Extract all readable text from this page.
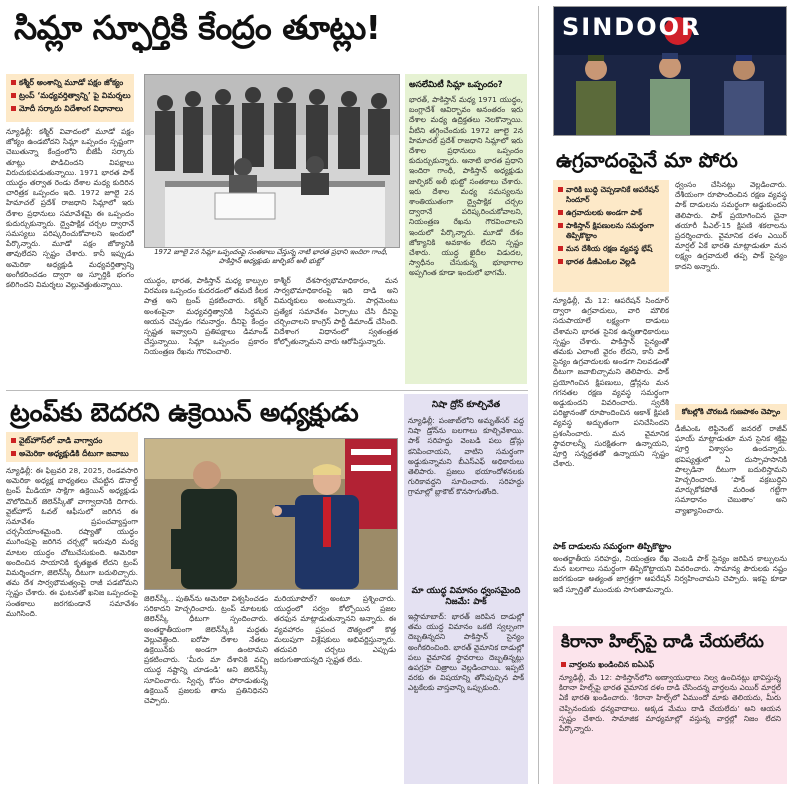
సిమ్లా స్ఫూర్తికి కేంద్రం తూట్లు!
కశ్మీర్ అంశాన్ని మూడో పక్షం జోక్యం
ట్రంప్ ‘మధ్యవర్తిత్వాన్ని’ పై విమర్శలు
మోదీ సర్కారు విదేశాంగ విధానాలు
న్యూఢిల్లీ: కశ్మీర్ వివాదంలో మూడో పక్షం జోక్యం ఉండబోదని సిమ్లా ఒప్పందం స్పష్టంగా చెబుతున్నా కేంద్రంలోని బీజేపీ సర్కారు తూట్లు పొడిచిందని విపక్షాలు విరుచుకుపడుతున్నాయి. 1971 భారత పాక్ యుద్ధం తర్వాత రెండు దేశాల మధ్య కుదిరిన చారిత్రక ఒప్పందం ఇది. 1972 జూలై 2న హిమాచల్ ప్రదేశ్ రాజధాని సిమ్లాలో ఇరు దేశాల ప్రధానులు సమావేశమై ఈ ఒప్పందం కుదుర్చుకున్నారు. ద్వైపాక్షిక చర్చల ద్వారానే సమస్యలు పరిష్కరించుకోవాలని ఇందులో పేర్కొన్నారు. మూడో పక్షం జోక్యానికి తావులేదని స్పష్టం చేశారు. కానీ ఇప్పుడు అమెరికా అధ్యక్షుడి మధ్యవర్తిత్వాన్ని అంగీకరించడం ద్వారా ఆ స్ఫూర్తికి భంగం కలిగిందని విమర్శలు వెల్లువెత్తుతున్నాయి.
1972 జూలై 2న సిమ్లా ఒప్పందంపై సంతకాలు చేస్తున్న నాటి భారత ప్రధాని ఇందిరా గాంధీ, పాకిస్తాన్ అధ్యక్షుడు జుల్ఫికర్ అలీ భుట్టో
యుద్ధం, భారత, పాకిస్తాన్ మధ్య కాల్పుల విరమణ ఒప్పందం కుదరడంలో తమదే కీలక పాత్ర అని ట్రంప్ ప్రకటించారు. కశ్మీర్ అంశంపైనా మధ్యవర్తిత్వానికి సిద్ధమని ఆయన చెప్పడం గమనార్హం. దీనిపై కేంద్రం స్పష్టత ఇవ్వాలని ప్రతిపక్షాలు డిమాండ్ చేస్తున్నాయి. సిమ్లా ఒప్పందం ప్రకారం నియంత్రణ రేఖను గౌరవించాలి.
కాశ్మీర్ దేశసార్వభౌమాధికారం, మన సార్వభౌమాధికారంపై ఇది దాడి అని విమర్శకులు అంటున్నారు. పార్లమెంటు ప్రత్యేక సమావేశం ఏర్పాటు చేసి దీనిపై చర్చించాలని కాంగ్రెస్ పార్టీ డిమాండ్ చేసింది. విదేశాంగ విధానంలో స్వతంత్రత కోల్పోతున్నామని వారు ఆరోపిస్తున్నారు.
అసలేమిటీ సిమ్లా ఒప్పందం?
భారత్, పాకిస్తాన్ మధ్య 1971 యుద్ధం, బంగ్లాదేశ్ ఆవిర్భావం అనంతరం ఇరు దేశాల మధ్య ఉద్రిక్తతలు నెలకొన్నాయి. వీటిని తగ్గించేందుకు 1972 జూలై 2న హిమాచల్ ప్రదేశ్ రాజధాని సిమ్లాలో ఇరు దేశాల ప్రధానులు ఒప్పందం కుదుర్చుకున్నారు. ఆనాటి భారత ప్రధాని ఇందిరా గాంధీ, పాకిస్తాన్ అధ్యక్షుడు జుల్ఫికర్ అలీ భుట్టో సంతకాలు చేశారు. ఇరు దేశాల మధ్య సమస్యలను శాంతియుతంగా ద్వైపాక్షిక చర్చల ద్వారానే పరిష్కరించుకోవాలని, నియంత్రణ రేఖను గౌరవించాలని ఇందులో పేర్కొన్నారు. మూడో దేశం జోక్యానికి అవకాశం లేదని స్పష్టం చేశారు. యుద్ధ ఖైదీల విడుదల, స్వాధీనం చేసుకున్న భూభాగాల అప్పగింత కూడా ఇందులో భాగమే.
ట్రంప్‌కు బెదరని ఉక్రెయిన్ అధ్యక్షుడు
వైట్‌హౌస్‌లో వాడి వాగ్వాదం
అమెరికా అధ్యక్షుడికి దీటుగా జవాబు
న్యూఢిల్లీ: ఈ ఫిబ్రవరి 28, 2025, రెండవసారి అమెరికా అధ్యక్ష బాధ్యతలు చేపట్టిన డొనాల్డ్ ట్రంప్ మీడియా సాక్షిగా ఉక్రెయిన్ అధ్యక్షుడు వొలోదిమిర్ జెలెన్‌స్కీతో వాగ్వాదానికి దిగారు. వైట్‌హౌస్ ఓవల్ ఆఫీసులో జరిగిన ఈ సమావేశం ప్రపంచవ్యాప్తంగా చర్చనీయాంశమైంది. రష్యాతో యుద్ధం ముగింపుపై జరిగిన చర్చల్లో ఇరువురి మధ్య మాటల యుద్ధం చోటుచేసుకుంది. అమెరికా అందించిన సాయానికి కృతజ్ఞత లేదని ట్రంప్ విమర్శించగా, జెలెన్‌స్కీ దీటుగా బదులిచ్చారు. తమ దేశ సార్వభౌమత్వంపై రాజీ పడబోమని స్పష్టం చేశారు. ఈ ఘటనతో ఖనిజ ఒప్పందంపై సంతకాలు జరగకుండానే సమావేశం ముగిసింది.
జెలెన్‌స్కీ.. పుతిన్‌ను అమెరికా విశ్వసించడం సరికాదని హెచ్చరించారు. ట్రంప్ మాటలకు జెలెన్‌స్కీ ధీటుగా స్పందించారు. అంతర్జాతీయంగా జెలెన్‌స్కీకి మద్దతు వెల్లువెత్తింది. ఐరోపా దేశాల నేతలు ఉక్రెయిన్‌కు అండగా ఉంటామని ప్రకటించారు. ‘మీరు మా దేశానికి వచ్చి యుద్ధ నష్టాన్ని చూడండి’ అని జెలెన్‌స్కీ సూచించారు. స్వేచ్ఛ కోసం పోరాడుతున్న ఉక్రెయిన్ ప్రజలకు తాను ప్రతినిధినని చెప్పారు.
మరియూపొల్? అంటూ ప్రశ్నించారు. యుద్ధంలో సర్వం కోల్పోయిన ప్రజల తరఫున మాట్లాడుతున్నానని అన్నారు. ఈ వ్యవహారం ప్రపంచ దౌత్యంలో కొత్త మలుపుగా విశ్లేషకులు అభివర్ణిస్తున్నారు. తదుపరి చర్చలు ఎప్పుడు జరుగుతాయన్నది స్పష్టత లేదు.
నిషా ద్రోన్ కూల్చివేత
న్యూఢిల్లీ: పంజాబ్‌లోని అమృత్‌సర్ వద్ద నిషా డ్రోన్‌ను బలగాలు కూల్చివేశాయి. పాక్ సరిహద్దు వెంబడి పలు డ్రోన్లు కనిపించాయని, వాటిని సమర్థంగా అడ్డుకున్నామని బీఎస్‌ఎఫ్ అధికారులు తెలిపారు. ప్రజలు భయాందోళనలకు గురికావద్దని సూచించారు. సరిహద్దు గ్రామాల్లో బ్లాకౌట్ కొనసాగుతోంది.
మా యుద్ధ విమానం ధ్వంసమైంది నిజమే: పాక్
ఇస్లామాబాద్: భారత్ జరిపిన దాడుల్లో తమ యుద్ధ విమానం ఒకటి స్వల్పంగా దెబ్బతిన్నదని పాకిస్తాన్ సైన్యం అంగీకరించింది. భారత్ వైమానిక దాడుల్లో పలు వైమానిక స్థావరాలు దెబ్బతిన్నట్లు ఉపగ్రహ చిత్రాలు వెల్లడించాయి. ఇప్పటి వరకు ఈ విషయాన్ని తోసిపుచ్చిన పాక్ ఎట్టకేలకు వాస్తవాన్ని ఒప్పుకుంది.
SINDOOR
ఉగ్రవాదంపైనే మా పోరు
వారికి బుద్ధి చెప్పడానికే ఆపరేషన్ సిందూర్
ఉగ్రవాదులకు అండగా పాక్
పాకిస్తాన్ క్షిపణులను సమర్థంగా తిప్పికొట్టాం
మన దేశీయ రక్షణ వ్యవస్థ భేష్
భారత డీజీఎంఓల వెల్లడి
న్యూఢిల్లీ, మే 12: ఆపరేషన్ సిందూర్ ద్వారా ఉగ్రవాదులు, వారి మౌలిక సదుపాయాలే లక్ష్యంగా దాడులు చేశామని భారత సైనిక ఉన్నతాధికారులు స్పష్టం చేశారు. పాకిస్తాన్ సైన్యంతో తమకు ఎలాంటి వైరం లేదని, కానీ పాక్ సైన్యం ఉగ్రవాదులకు అండగా నిలవడంతో దీటుగా జవాబిచ్చామని తెలిపారు. పాక్ ప్రయోగించిన క్షిపణులు, డ్రోన్లను మన గగనతల రక్షణ వ్యవస్థ సమర్థంగా అడ్డుకుందని వివరించారు. స్వదేశీ పరిజ్ఞానంతో రూపొందించిన ఆకాశ్ క్షిపణి వ్యవస్థ అద్భుతంగా పనిచేసిందని ప్రశంసించారు. మన వైమానిక స్థావరాలన్నీ సురక్షితంగా ఉన్నాయని, పూర్తి సన్నద్ధతతో ఉన్నాయని స్పష్టం చేశారు.
ధ్వంసం చేసినట్లు వెల్లడించారు. దేశీయంగా రూపొందించిన రక్షణ వ్యవస్థ పాక్ దాడులను సమర్థంగా అడ్డుకుందని తెలిపారు. పాక్ ప్రయోగించిన చైనా తయారీ పీఎల్-15 క్షిపణి శకలాలను ప్రదర్శించారు. వైమానిక దళం ఎయిర్ మార్షల్ ఏకే భారతి మాట్లాడుతూ మన లక్ష్యం ఉగ్రవాదులే తప్ప పాక్ సైన్యం కాదని అన్నారు.
కోటల్లోకి చొరబడి గుణపాఠం చెప్పాం
డీజీఎంఓ లెఫ్టినెంట్ జనరల్ రాజీవ్ ఘాయ్ మాట్లాడుతూ మన సైనిక శక్తిపై పూర్తి విశ్వాసం ఉందన్నారు. భవిష్యత్తులో ఏ దుస్సాహసానికి పాల్పడినా దీటుగా బదులిస్తామని హెచ్చరించారు. ‘పాక్ వక్రబుద్ధిని మార్చుకోకపోతే మరింత గట్టిగా సమాధానం చెబుతాం’ అని వ్యాఖ్యానించారు.
పాక్ దాడులను సమర్థంగా తిప్పికొట్టాం
అంతర్జాతీయ సరిహద్దు, నియంత్రణ రేఖ వెంబడి పాక్ సైన్యం జరిపిన కాల్పులను మన బలగాలు సమర్థంగా తిప్పికొట్టాయని వివరించారు. సామాన్య పౌరులకు నష్టం జరగకుండా అత్యంత జాగ్రత్తగా ఆపరేషన్ నిర్వహించామని చెప్పారు. ఇకపై కూడా ఇదే స్ఫూర్తితో ముందుకు సాగుతామన్నారు.
కిరానా హిల్స్‌పై దాడి చేయలేదు
వార్తలను ఖండించిన ఐఏఎఫ్
న్యూఢిల్లీ, మే 12: పాకిస్తాన్‌లోని అణ్వాయుధాలు నిల్వ ఉంచినట్లు భావిస్తున్న కిరానా హిల్స్‌పై భారత వైమానిక దళం దాడి చేసిందన్న వార్తలను ఎయిర్ మార్షల్ ఏకే భారతి ఖండించారు. ‘కిరానా హిల్స్‌లో ఏముందో మాకు తెలియదు, మీరు చెప్పినందుకు ధన్యవాదాలు. అక్కడ మేము దాడి చేయలేదు’ అని ఆయన స్పష్టం చేశారు. సామాజిక మాధ్యమాల్లో వస్తున్న వార్తల్లో నిజం లేదని పేర్కొన్నారు.
